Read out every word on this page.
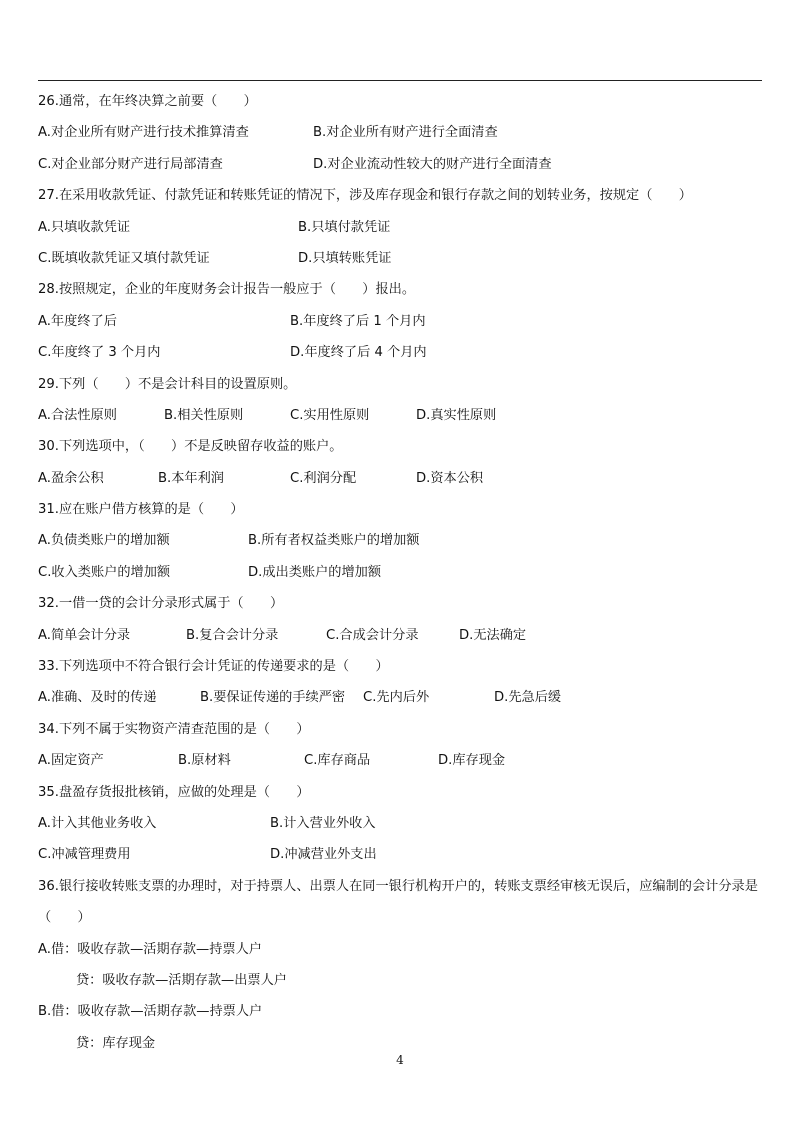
26.通常，在年终决算之前要（　　）
A.对企业所有财产进行技术推算清查	B.对企业所有财产进行全面清查
C.对企业部分财产进行局部清查	D.对企业流动性较大的财产进行全面清查
27.在采用收款凭证、付款凭证和转账凭证的情况下，涉及库存现金和银行存款之间的划转业务，按规定（　　）
A.只填收款凭证	B.只填付款凭证
C.既填收款凭证又填付款凭证	D.只填转账凭证
28.按照规定，企业的年度财务会计报告一般应于（　　）报出。
A.年度终了后	B.年度终了后 1 个月内
C.年度终了 3 个月内	D.年度终了后 4 个月内
29.下列（　　）不是会计科目的设置原则。
A.合法性原则	B.相关性原则	C.实用性原则	D.真实性原则
30.下列选项中，（　　）不是反映留存收益的账户。
A.盈余公积	B.本年利润	C.利润分配	D.资本公积
31.应在账户借方核算的是（　　）
A.负债类账户的增加额	B.所有者权益类账户的增加额
C.收入类账户的增加额	D.成出类账户的增加额
32.一借一贷的会计分录形式属于（　　）
A.简单会计分录	B.复合会计分录	C.合成会计分录	D.无法确定
33.下列选项中不符合银行会计凭证的传递要求的是（　　）
A.准确、及时的传递	B.要保证传递的手续严密 C.先内后外	D.先急后缓
34.下列不属于实物资产清查范围的是（　　）
A.固定资产	B.原材料	C.库存商品	D.库存现金
35.盘盈存货报批核销，应做的处理是（　　）
A.计入其他业务收入	B.计入营业外收入
C.冲减管理费用	D.冲减营业外支出
36.银行接收转账支票的办理时，对于持票人、出票人在同一银行机构开户的，转账支票经审核无误后，应编制的会计分录是（　　）
A.借：吸收存款—活期存款—持票人户
贷：吸收存款—活期存款—出票人户
B.借：吸收存款—活期存款—持票人户
贷：库存现金
4
